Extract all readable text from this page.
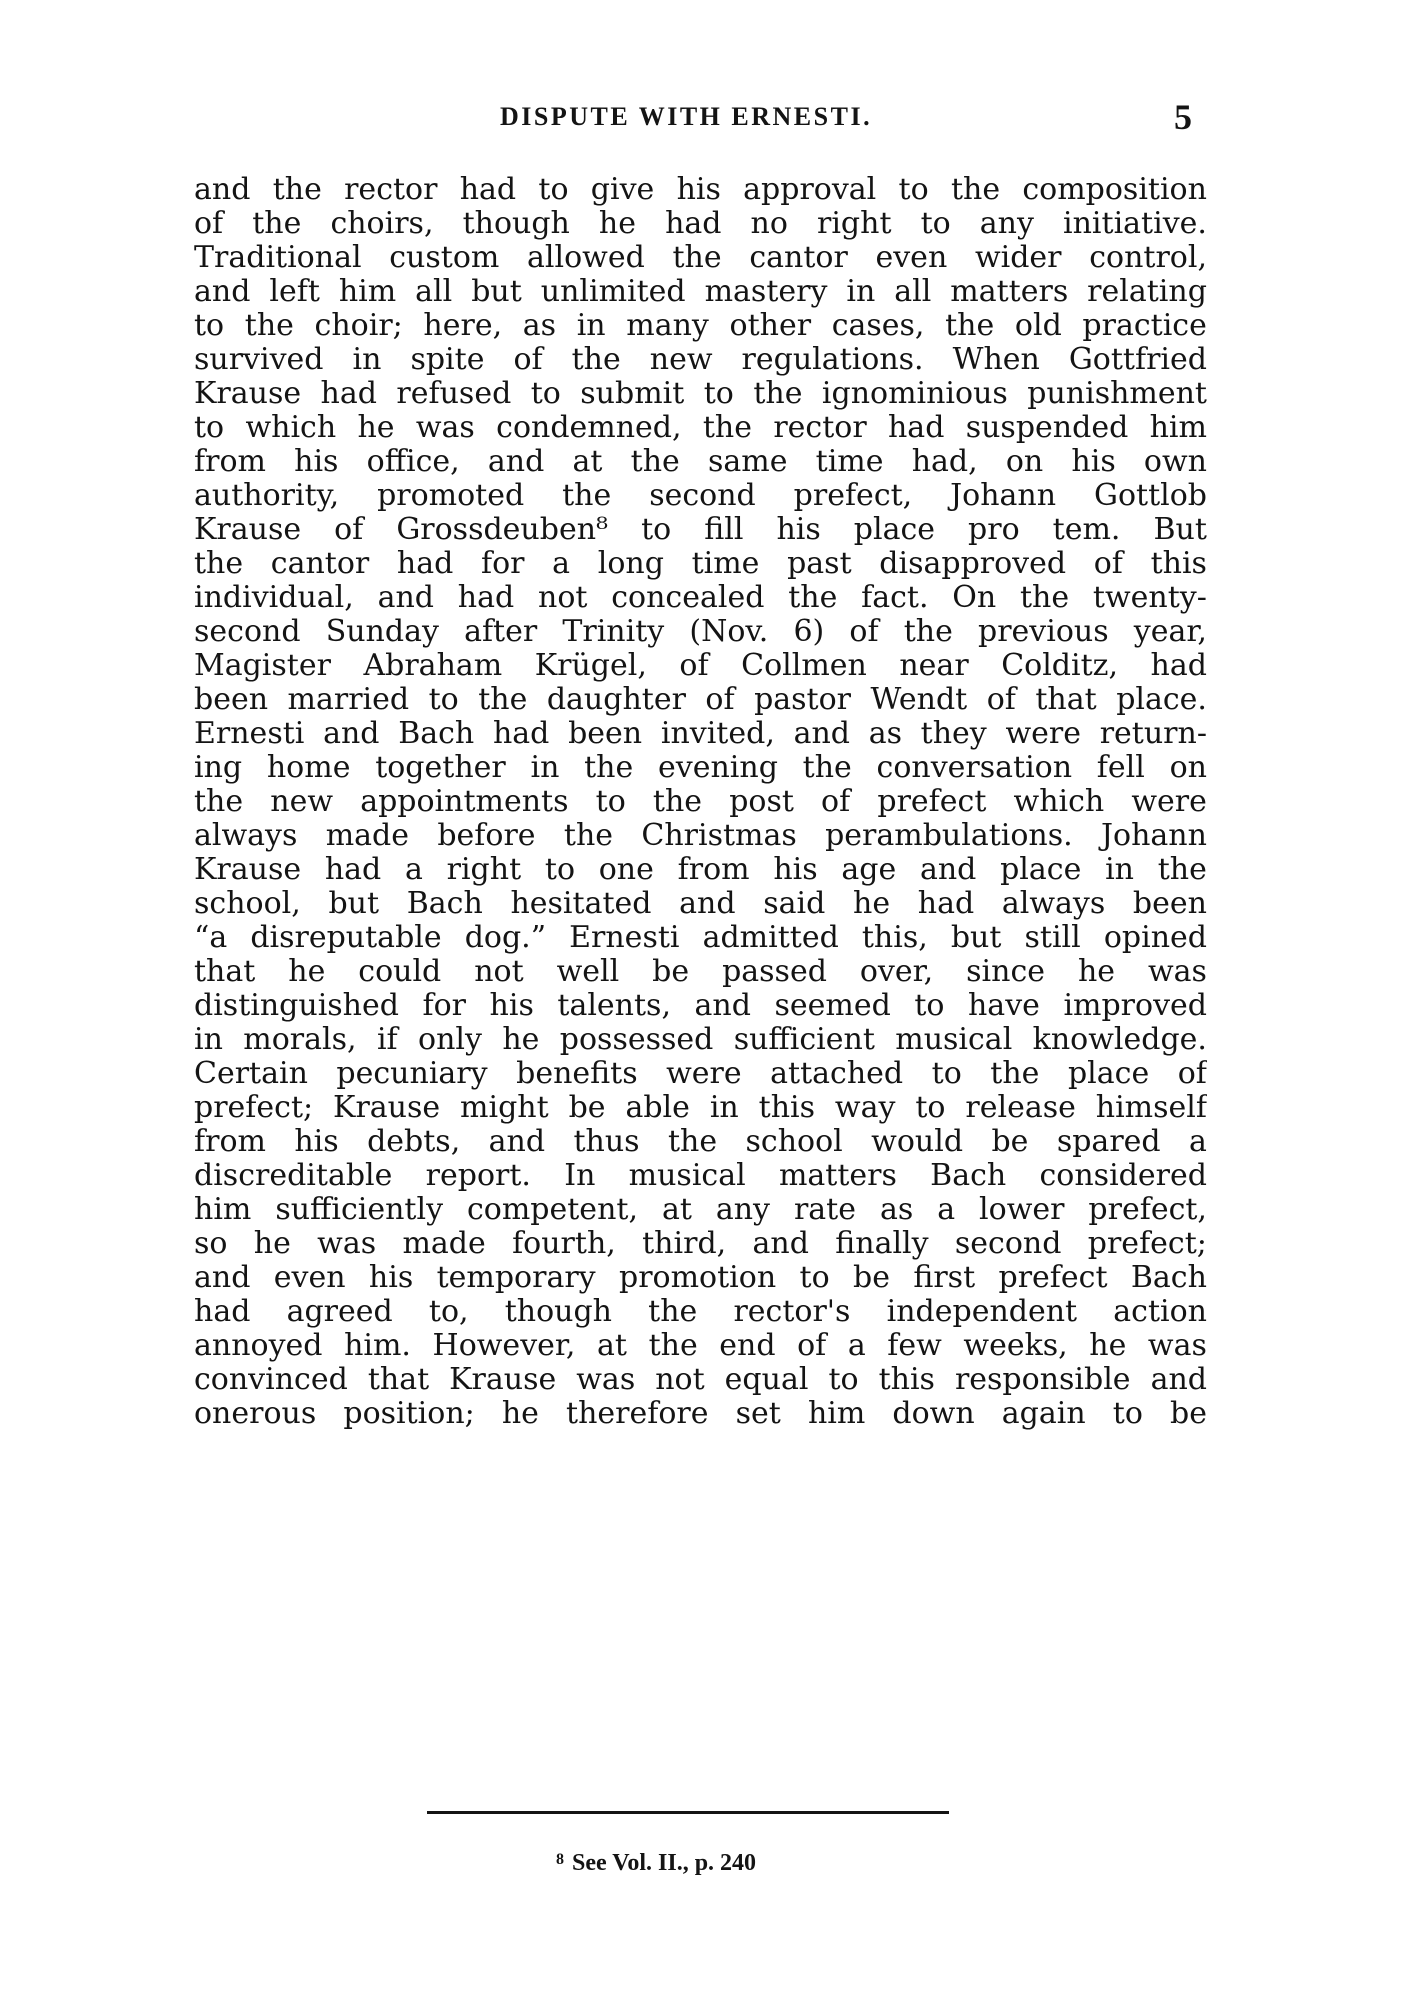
DISPUTE WITH ERNESTI.	5
and the rector had to give his approval to the composition
of the choirs, though he had no right to any initiative.
Traditional custom allowed the cantor even wider control,
and left him all but unlimited mastery in all matters relating
to the choir; here, as in many other cases, the old practice
survived in spite of the new regulations. When Gottfried
Krause had refused to submit to the ignominious punishment
to which he was condemned, the rector had suspended him
from his office, and at the same time had, on his own
authority, promoted the second prefect, Johann Gottlob
Krause of Grossdeuben⁸ to fill his place pro tem. But
the cantor had for a long time past disapproved of this
individual, and had not concealed the fact. On the twenty-
second Sunday after Trinity (Nov. 6) of the previous year,
Magister Abraham Krügel, of Collmen near Colditz, had
been married to the daughter of pastor Wendt of that place.
Ernesti and Bach had been invited, and as they were return-
ing home together in the evening the conversation fell on
the new appointments to the post of prefect which were
always made before the Christmas perambulations. Johann
Krause had a right to one from his age and place in the
school, but Bach hesitated and said he had always been
“a disreputable dog.” Ernesti admitted this, but still opined
that he could not well be passed over, since he was
distinguished for his talents, and seemed to have improved
in morals, if only he possessed sufficient musical knowledge.
Certain pecuniary benefits were attached to the place of
prefect; Krause might be able in this way to release himself
from his debts, and thus the school would be spared a
discreditable report. In musical matters Bach considered
him sufficiently competent, at any rate as a lower prefect,
so he was made fourth, third, and finally second prefect;
and even his temporary promotion to be first prefect Bach
had agreed to, though the rector's independent action
annoyed him. However, at the end of a few weeks, he was
convinced that Krause was not equal to this responsible and
onerous position; he therefore set him down again to be
$^8$ See Vol. II., p. 240
